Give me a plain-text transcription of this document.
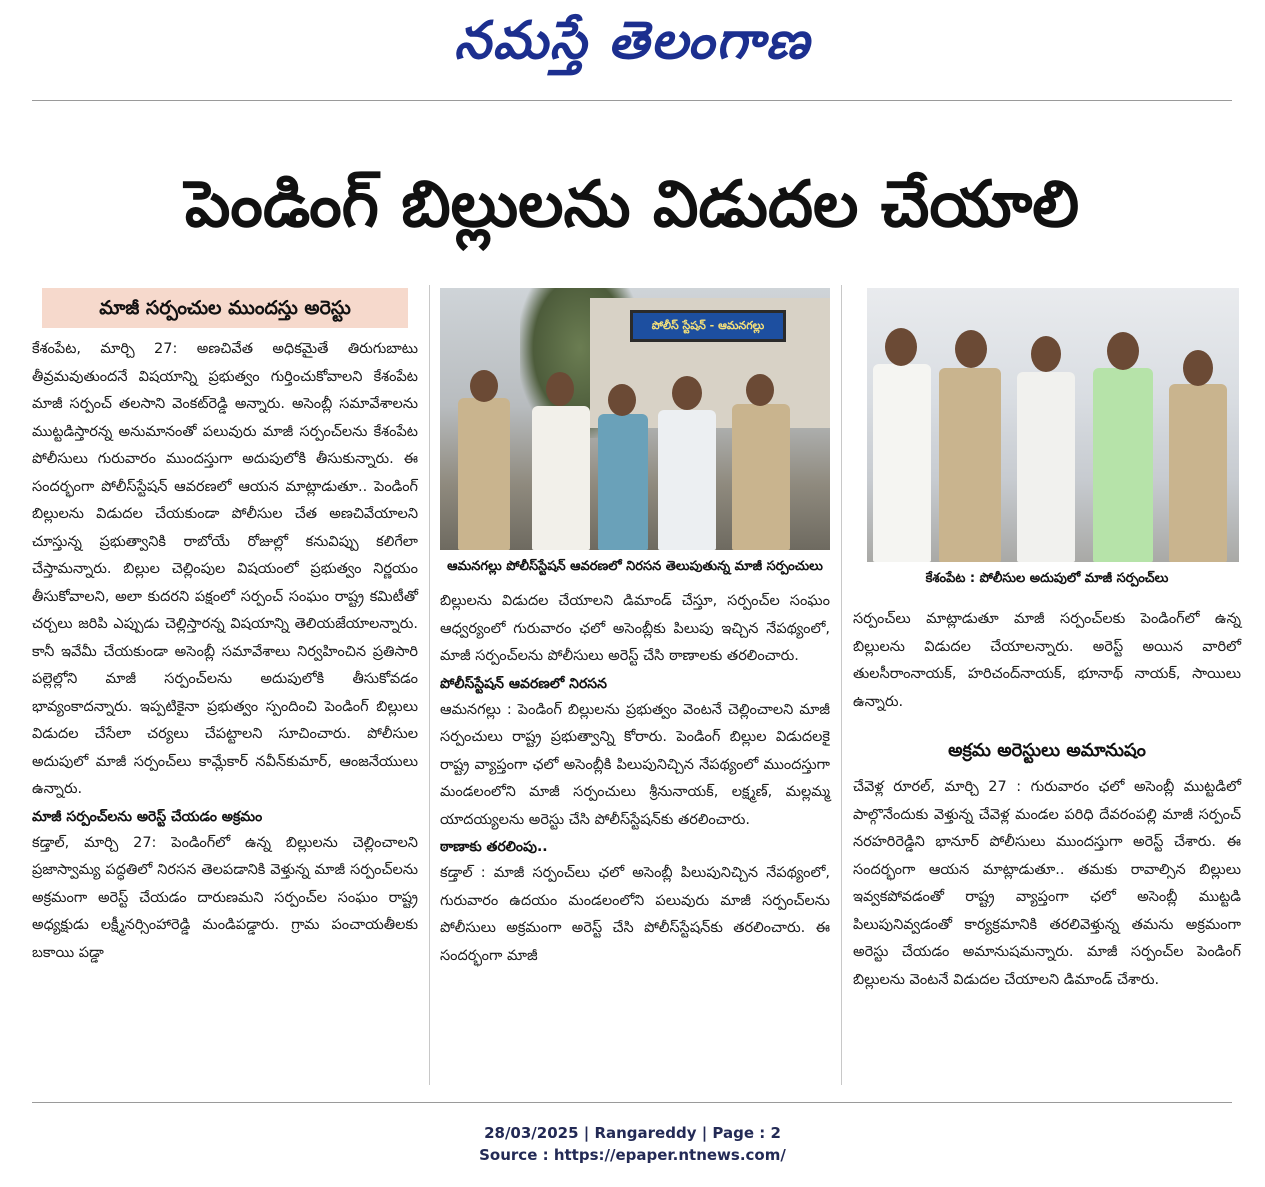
నమస్తే తెలంగాణ
పెండింగ్ బిల్లులను విడుదల చేయాలి
మాజీ సర్పంచుల ముందస్తు అరెస్టు

కేశంపేట, మార్చి 27: అణచివేత అధికమైతే తిరుగుబాటు తీవ్రమవుతుందనే విషయాన్ని ప్రభుత్వం గుర్తించుకోవాలని కేశంపేట మాజీ సర్పంచ్ తలసాని వెంకట్‌రెడ్డి అన్నారు. అసెంబ్లీ సమావేశాలను ముట్టడిస్తారన్న అనుమానంతో పలువురు మాజీ సర్పంచ్‌లను కేశంపేట పోలీసులు గురువారం ముందస్తుగా అదుపులోకి తీసుకున్నారు. ఈ సందర్భంగా పోలీస్‌స్టేషన్ ఆవరణలో ఆయన మాట్లాడుతూ.. పెండింగ్ బిల్లులను విడుదల చేయకుండా పోలీసుల చేత అణచివేయాలని చూస్తున్న ప్రభుత్వానికి రాబోయే రోజుల్లో కనువిప్పు కలిగేలా చేస్తామన్నారు. బిల్లుల చెల్లింపుల విషయంలో ప్రభుత్వం నిర్ణయం తీసుకోవాలని, అలా కుదరని పక్షంలో సర్పంచ్ సంఘం రాష్ట్ర కమిటీతో చర్చలు జరిపి ఎప్పుడు చెల్లిస్తారన్న విషయాన్ని తెలియజేయాలన్నారు. కానీ ఇవేమీ చేయకుండా అసెంబ్లీ సమావేశాలు నిర్వహించిన ప్రతిసారి పల్లెల్లోని మాజీ సర్పంచ్‌లను అదుపులోకి తీసుకోవడం భావ్యంకాదన్నారు. ఇప్పటికైనా ప్రభుత్వం స్పందించి పెండింగ్ బిల్లులు విడుదల చేసేలా చర్యలు చేపట్టాలని సూచించారు. పోలీసుల అదుపులో మాజీ సర్పంచ్‌లు కామ్లేకార్ నవీన్‌కుమార్, ఆంజనేయులు ఉన్నారు.

మాజీ సర్పంచ్‌లను అరెస్ట్ చేయడం అక్రమం

కడ్తాల్, మార్చి 27: పెండింగ్‌లో ఉన్న బిల్లులను చెల్లించాలని ప్రజాస్వామ్య పద్ధతిలో నిరసన తెలపడానికి వెళ్తున్న మాజీ సర్పంచ్‌లను అక్రమంగా అరెస్ట్ చేయడం దారుణమని సర్పంచ్‌ల సంఘం రాష్ట్ర అధ్యక్షుడు లక్ష్మీనర్సింహారెడ్డి మండిపడ్డారు. గ్రామ పంచాయతీలకు బకాయి పడ్డా

పోలీస్ స్టేషన్ - ఆమనగల్లు
ఆమనగల్లు పోలీస్‌స్టేషన్ ఆవరణలో నిరసన తెలుపుతున్న మాజీ సర్పంచులు

బిల్లులను విడుదల చేయాలని డిమాండ్ చేస్తూ, సర్పంచ్‌ల సంఘం ఆధ్వర్యంలో గురువారం ఛలో అసెంబ్లీకు పిలుపు ఇచ్చిన నేపథ్యంలో, మాజీ సర్పంచ్‌లను పోలీసులు అరెస్ట్ చేసి ఠాణాలకు తరలించారు.

పోలీస్‌స్టేషన్ ఆవరణలో నిరసన

ఆమనగల్లు : పెండింగ్ బిల్లులను ప్రభుత్వం వెంటనే చెల్లించాలని మాజీ సర్పంచులు రాష్ట్ర ప్రభుత్వాన్ని కోరారు. పెండింగ్ బిల్లుల విడుదలకై రాష్ట్ర వ్యాప్తంగా ఛలో అసెంబ్లీకి పిలుపునిచ్చిన నేపథ్యంలో ముందస్తుగా మండలంలోని మాజీ సర్పంచులు శ్రీనునాయక్, లక్ష్మణ్, మల్లమ్మ యాదయ్యలను అరెస్టు చేసి పోలీస్‌స్టేషన్‌కు తరలించారు.

ఠాణాకు తరలింపు..

కడ్తాల్ : మాజీ సర్పంచ్‌లు ఛలో అసెంబ్లీ పిలుపునిచ్చిన నేపథ్యంలో, గురువారం ఉదయం మండలంలోని పలువురు మాజీ సర్పంచ్‌లను పోలీసులు అక్రమంగా అరెస్ట్ చేసి పోలీస్‌స్టేషన్‌కు తరలించారు. ఈ సందర్భంగా మాజీ

కేశంపేట : పోలీసుల అదుపులో మాజీ సర్పంచ్‌లు

సర్పంచ్‌లు మాట్లాడుతూ మాజీ సర్పంచ్‌లకు పెండింగ్‌లో ఉన్న బిల్లులను విడుదల చేయాలన్నారు. అరెస్ట్ అయిన వారిలో తులసీరాంనాయక్, హరిచంద్‌నాయక్, భూనాథ్ నాయక్, సాయిలు ఉన్నారు.

అక్రమ అరెస్టులు అమానుషం

చేవెళ్ల రూరల్, మార్చి 27 : గురువారం ఛలో అసెంబ్లీ ముట్టడిలో పాల్గొనేందుకు వెళ్తున్న చేవెళ్ల మండల పరిధి దేవరంపల్లి మాజీ సర్పంచ్ నరహరిరెడ్డిని భానూర్ పోలీసులు ముందస్తుగా అరెస్ట్ చేశారు. ఈ సందర్భంగా ఆయన మాట్లాడుతూ.. తమకు రావాల్సిన బిల్లులు ఇవ్వకపోవడంతో రాష్ట్ర వ్యాప్తంగా ఛలో అసెంబ్లీ ముట్టడి పిలుపునివ్వడంతో కార్యక్రమానికి తరలివెళ్తున్న తమను అక్రమంగా అరెస్టు చేయడం అమానుషమన్నారు. మాజీ సర్పంచ్‌ల పెండింగ్ బిల్లులను వెంటనే విడుదల చేయాలని డిమాండ్ చేశారు.

28/03/2025 | Rangareddy | Page : 2
Source : https://epaper.ntnews.com/
